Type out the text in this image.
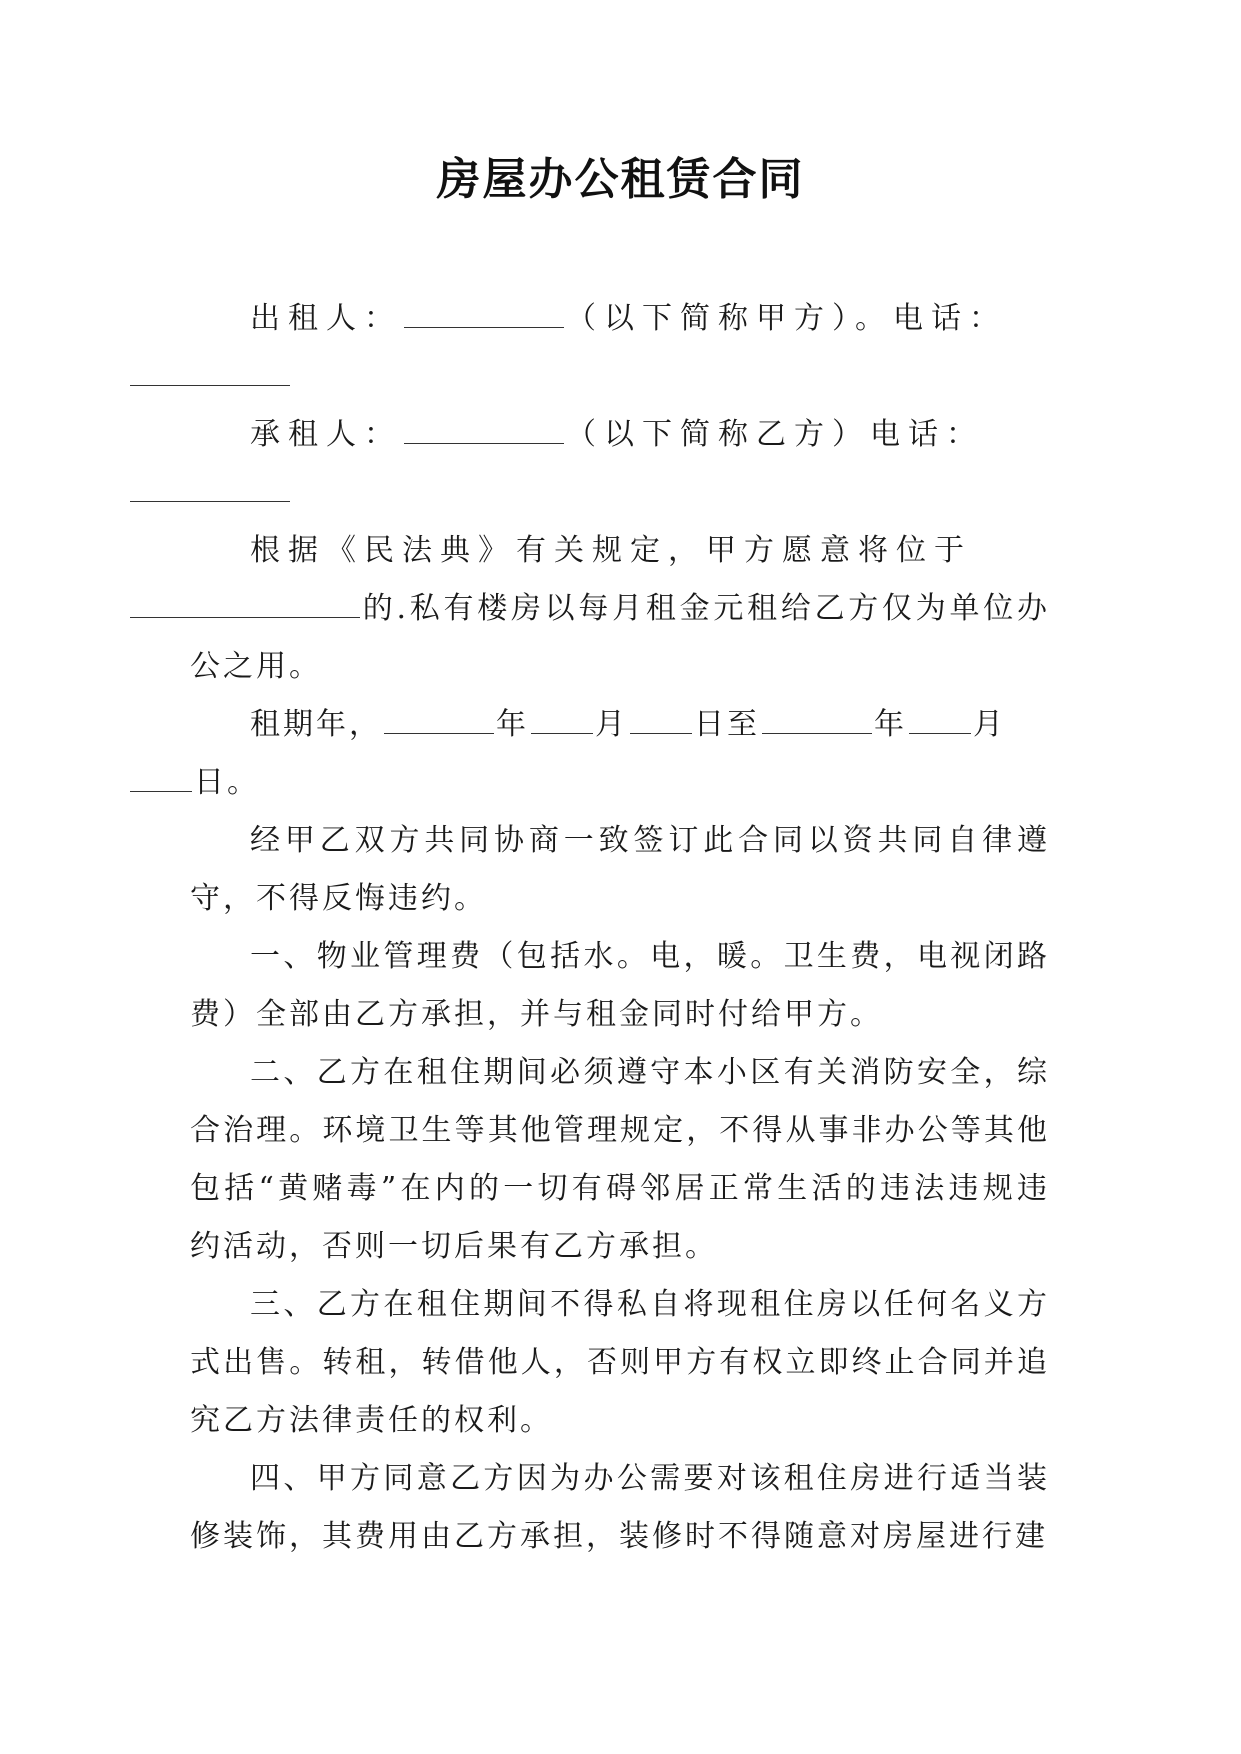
房屋办公租赁合同

出租人：	（以下简称甲方）。电话：

承租人：	（以下简称乙方）电话：

根据《民法典》有关规定，甲方愿意将位于
的.私有楼房以每月租金元租给乙方仅为单位办公之用。

租期年，	年 月 日至	年 月
日。

经甲乙双方共同协商一致签订此合同以资共同自律遵守，不得反悔违约。

一、物业管理费（包括水。电，暖。卫生费，电视闭路费）全部由乙方承担，并与租金同时付给甲方。

二、乙方在租住期间必须遵守本小区有关消防安全，综合治理。环境卫生等其他管理规定，不得从事非办公等其他包括“黄赌毒”在内的一切有碍邻居正常生活的违法违规违约活动，否则一切后果有乙方承担。

三、乙方在租住期间不得私自将现租住房以任何名义方式出售。转租，转借他人，否则甲方有权立即终止合同并追究乙方法律责任的权利。

四、甲方同意乙方因为办公需要对该租住房进行适当装修装饰，其费用由乙方承担，装修时不得随意对房屋进行建
